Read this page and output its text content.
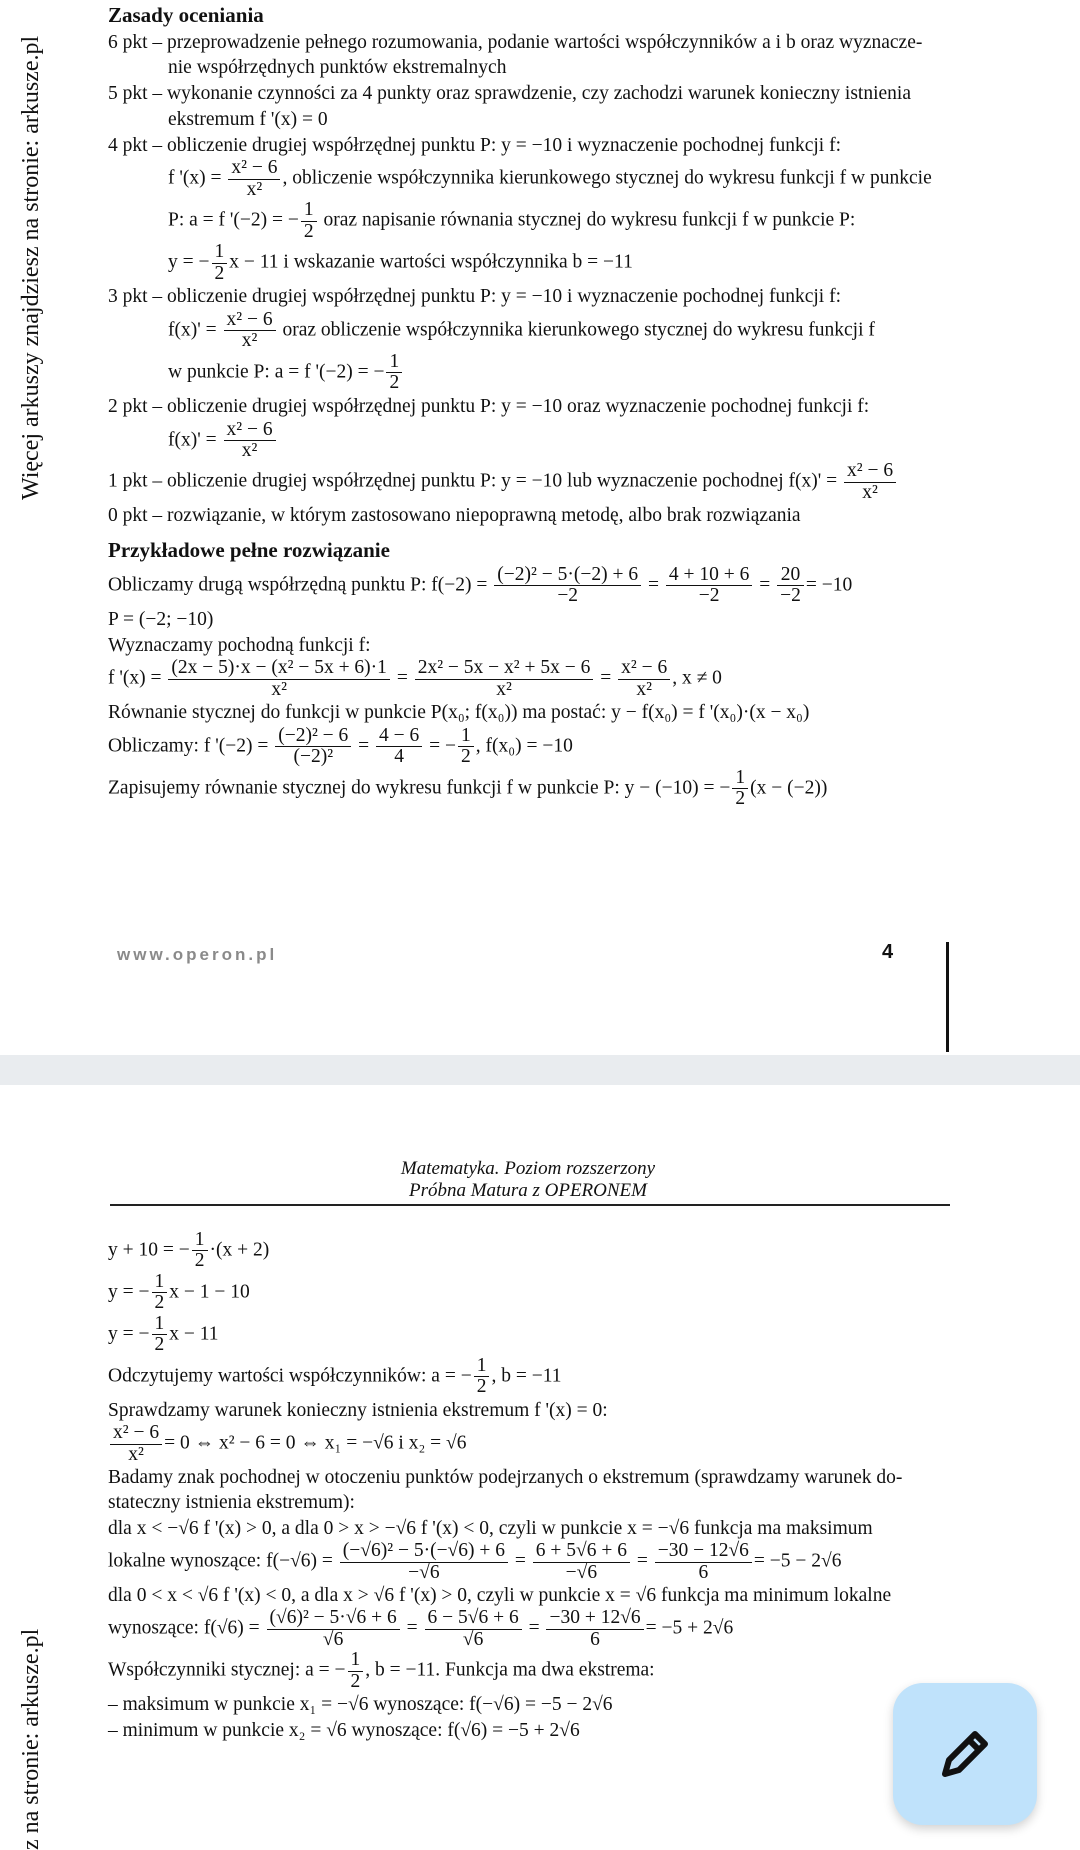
Więcej arkuszy znajdziesz na stronie: arkusze.pl
Zasady oceniania
6 pkt – przeprowadzenie pełnego rozumowania, podanie wartości współczynników a i b oraz wyznacze-
nie współrzędnych punktów ekstremalnych
5 pkt – wykonanie czynności za 4 punkty oraz sprawdzenie, czy zachodzi warunek konieczny istnienia
ekstremum f '(x) = 0
4 pkt – obliczenie drugiej współrzędnej punktu P: y = −10 i wyznaczenie pochodnej funkcji f:
f '$(x) = \frac{\text{x² − 6}}{\text{x²}}$ , obliczenie współczynnika kierunkowego stycznej do wykresu funkcji f w punkcie
P: a = f '(−2) = − $\frac{1}{2}$ oraz napisanie równania stycznej do wykresu funkcji f w punkcie P:
y = − $\frac{1}{2}$ x − 11 i wskazanie wartości współczynnika b = −11
3 pkt – obliczenie drugiej współrzędnej punktu P: y = −10 i wyznaczenie pochodnej funkcji f:
$f(x)' = \frac{\text{x² − 6}}{\text{x²}}$ oraz obliczenie współczynnika kierunkowego stycznej do wykresu funkcji f
w punkcie P: a = f '(−2) = − $\frac{1}{2}$
2 pkt – obliczenie drugiej współrzędnej punktu P: y = −10 oraz wyznaczenie pochodnej funkcji f:
$f(x)' = \frac{\text{x² − 6}}{\text{x²}}$
1 pkt – obliczenie drugiej współrzędnej punktu P: y = −10 lub wyznaczenie pochodnej $f(x)' = \frac{\text{x² − 6}}{\text{x²}}$
0 pkt – rozwiązanie, w którym zastosowano niepoprawną metodę, albo brak rozwiązania
Przykładowe pełne rozwiązanie
Obliczamy drugą współrzędną punktu P: $f(-2) = \frac{\text{(−2)² − 5·(−2) + 6}}{-2} = \frac{4 + 10 + 6}{-2} = \frac{20}{-2} = -10$
P = (−2; −10)
Wyznaczamy pochodną funkcji f:
f '$(x) = \frac{\text{(2x − 5)·x − (x² − 5x + 6)·1}}{\text{x²}} = \frac{\text{2x² − 5x − x² + 5x − 6}}{\text{x²}} = \frac{\text{x² − 6}}{\text{x²}}$ , x ≠ 0
Równanie stycznej do funkcji w punkcie P(x₀; f(x₀)) ma postać: y − f(x₀) = f '(x₀)·(x − x₀)
Obliczamy: f '$(-2) = \frac{\text{(−2)² − 6}}{\text{(−2)²}} = \frac{4 - 6}{4}$ = − $\frac{1}{2}$ , f(x₀) = −10
Zapisujemy równanie stycznej do wykresu funkcji f w punkcie P: y − (−10) = − $\frac{1}{2} (x - (-2))$
www.operon.pl	4
Matematyka. Poziom rozszerzony
Próbna Matura z OPERONEM
y + 10 = − $\frac{1}{2} \cdot(x + 2)$
y = − $\frac{1}{2}$ x − 1 − 10
y = − $\frac{1}{2}$ x − 11
Odczytujemy wartości współczynników: a = − $\frac{1}{2}$ , b = −11
Sprawdzamy warunek konieczny istnienia ekstremum f '(x) = 0:
$\frac{\text{x² − 6}}{\text{x²}} = 0$ ⇔ x² − 6 = 0 ⇔ x₁ = −√6 i x₂ = √6
Badamy znak pochodnej w otoczeniu punktów podejrzanych o ekstremum (sprawdzamy warunek do-
stateczny istnienia ekstremum):
dla x < −√6 f '(x) > 0, a dla 0 > x > −√6 f '(x) < 0, czyli w punkcie x = −√6 funkcja ma maksimum
lokalne wynoszące: $f(-√6) = \frac{\text{(−√6)² − 5·(−√6) + 6}}{-√6} = \frac{6 + 5√6 + 6}{-√6} = \frac{-30 - 12√6}{6} = -5 - 2√6$
dla 0 < x < √6 f '(x) < 0, a dla x > √6 f '(x) > 0, czyli w punkcie x = √6 funkcja ma minimum lokalne
wynoszące: $f(√6) = \frac{\text{(√6)² − 5·√6 + 6}}{√6} = \frac{6 - 5√6 + 6}{√6} = \frac{-30 + 12√6}{6} = -5 + 2√6$
Współczynniki stycznej: a = − $\frac{1}{2}$ , b = −11. Funkcja ma dwa ekstrema:
– maksimum w punkcie x₁ = −√6 wynoszące: f(−√6) = −5 − 2√6
– minimum w punkcie x₂ = √6 wynoszące: f(√6) = −5 + 2√6
z na stronie: arkusze.pl
